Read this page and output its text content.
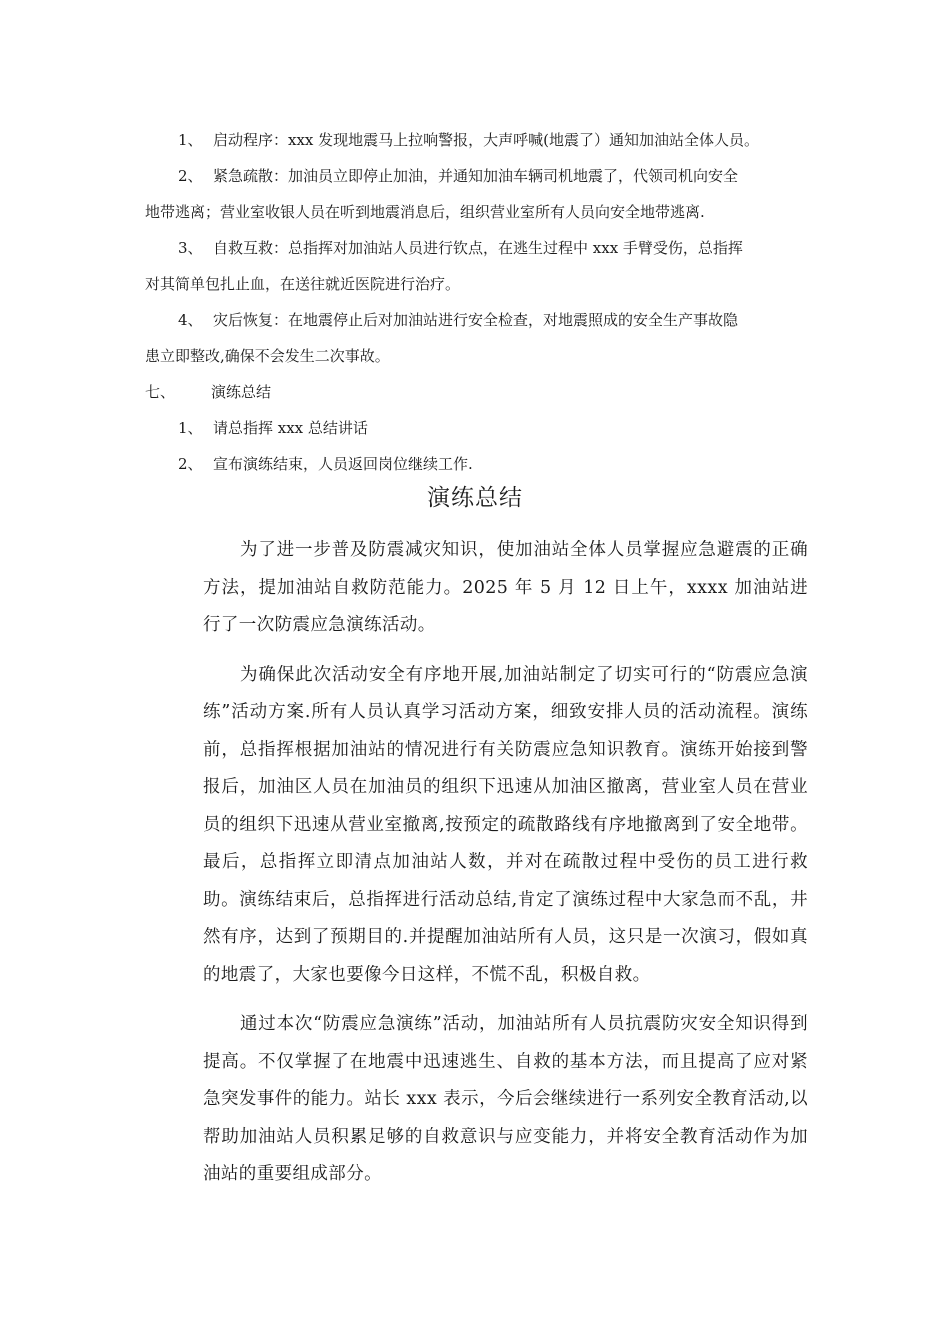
1、 启动程序：xxx 发现地震马上拉响警报，大声呼喊(地震了）通知加油站全体人员。
2、 紧急疏散：加油员立即停止加油，并通知加油车辆司机地震了，代领司机向安全
地带逃离；营业室收银人员在听到地震消息后，组织营业室所有人员向安全地带逃离.
3、 自救互救：总指挥对加油站人员进行钦点，在逃生过程中 xxx 手臂受伤，总指挥
对其简单包扎止血，在送往就近医院进行治疗。
4、 灾后恢复：在地震停止后对加油站进行安全检查，对地震照成的安全生产事故隐
患立即整改,确保不会发生二次事故。
七、 演练总结
1、 请总指挥 xxx 总结讲话
2、 宣布演练结束，人员返回岗位继续工作.
演练总结

为了进一步普及防震减灾知识，使加油站全体人员掌握应急避震的正确方法，提加油站自救防范能力。2025 年 5 月 12 日上午，xxxx 加油站进行了一次防震应急演练活动。

为确保此次活动安全有序地开展,加油站制定了切实可行的“防震应急演练”活动方案.所有人员认真学习活动方案，细致安排人员的活动流程。演练前，总指挥根据加油站的情况进行有关防震应急知识教育。演练开始接到警报后，加油区人员在加油员的组织下迅速从加油区撤离，营业室人员在营业员的组织下迅速从营业室撤离,按预定的疏散路线有序地撤离到了安全地带。最后，总指挥立即清点加油站人数，并对在疏散过程中受伤的员工进行救助。演练结束后，总指挥进行活动总结,肯定了演练过程中大家急而不乱，井然有序，达到了预期目的.并提醒加油站所有人员，这只是一次演习，假如真的地震了，大家也要像今日这样，不慌不乱，积极自救。

通过本次“防震应急演练”活动，加油站所有人员抗震防灾安全知识得到提高。不仅掌握了在地震中迅速逃生、自救的基本方法，而且提高了应对紧急突发事件的能力。站长 xxx 表示，今后会继续进行一系列安全教育活动,以帮助加油站人员积累足够的自救意识与应变能力，并将安全教育活动作为加油站的重要组成部分。
